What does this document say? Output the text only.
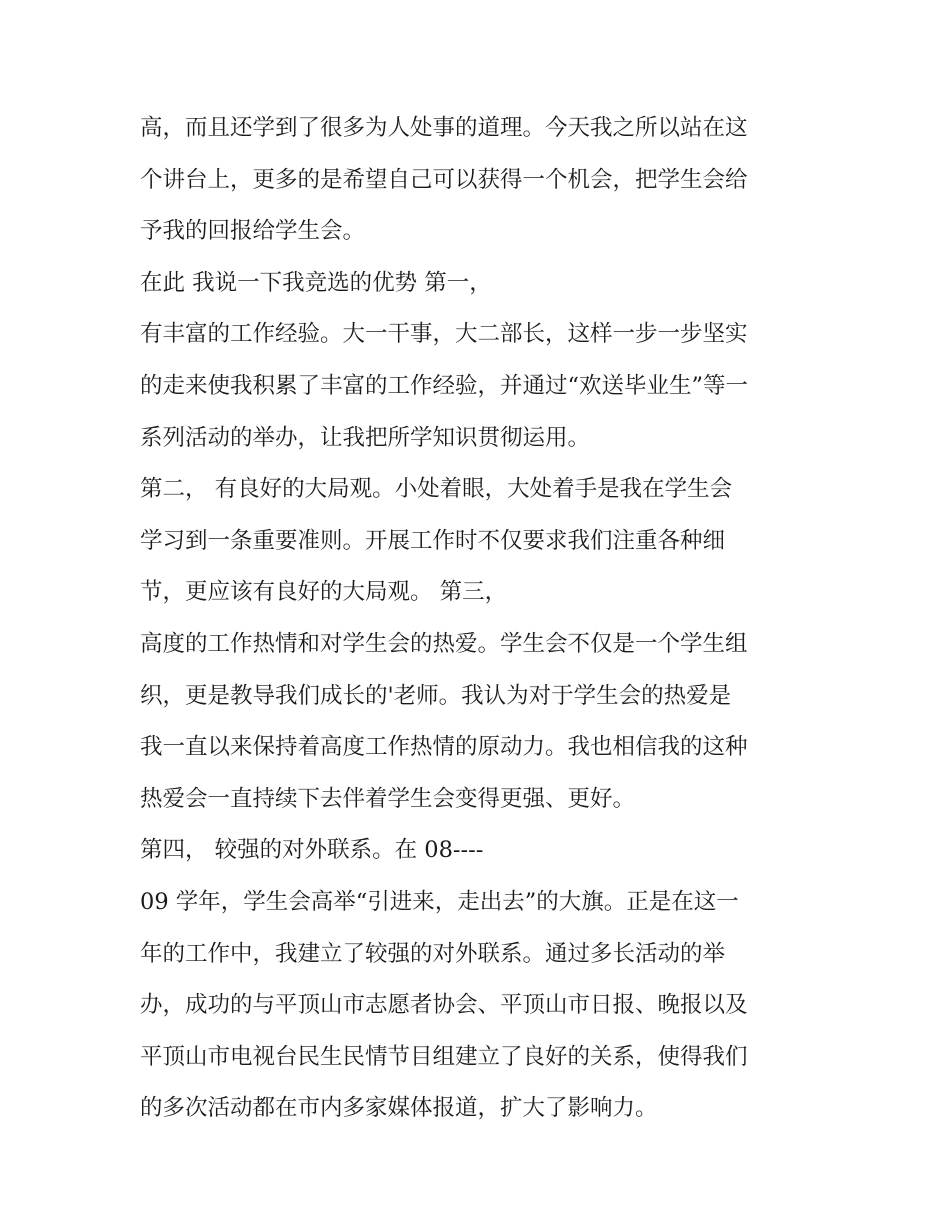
高，而且还学到了很多为人处事的道理。今天我之所以站在这
个讲台上，更多的是希望自己可以获得一个机会，把学生会给
予我的回报给学生会。
在此 我说一下我竞选的优势 第一，
有丰富的工作经验。大一干事，大二部长，这样一步一步坚实
的走来使我积累了丰富的工作经验，并通过“欢送毕业生”等一
系列活动的举办，让我把所学知识贯彻运用。
第二， 有良好的大局观。小处着眼，大处着手是我在学生会
学习到一条重要准则。开展工作时不仅要求我们注重各种细
节，更应该有良好的大局观。 第三，
高度的工作热情和对学生会的热爱。学生会不仅是一个学生组
织，更是教导我们成长的'老师。我认为对于学生会的热爱是
我一直以来保持着高度工作热情的原动力。我也相信我的这种
热爱会一直持续下去伴着学生会变得更强、更好。
第四， 较强的对外联系。在 08----
09 学年，学生会高举“引进来，走出去”的大旗。正是在这一
年的工作中，我建立了较强的对外联系。通过多长活动的举
办，成功的与平顶山市志愿者协会、平顶山市日报、晚报以及
平顶山市电视台民生民情节目组建立了良好的关系，使得我们
的多次活动都在市内多家媒体报道，扩大了影响力。
